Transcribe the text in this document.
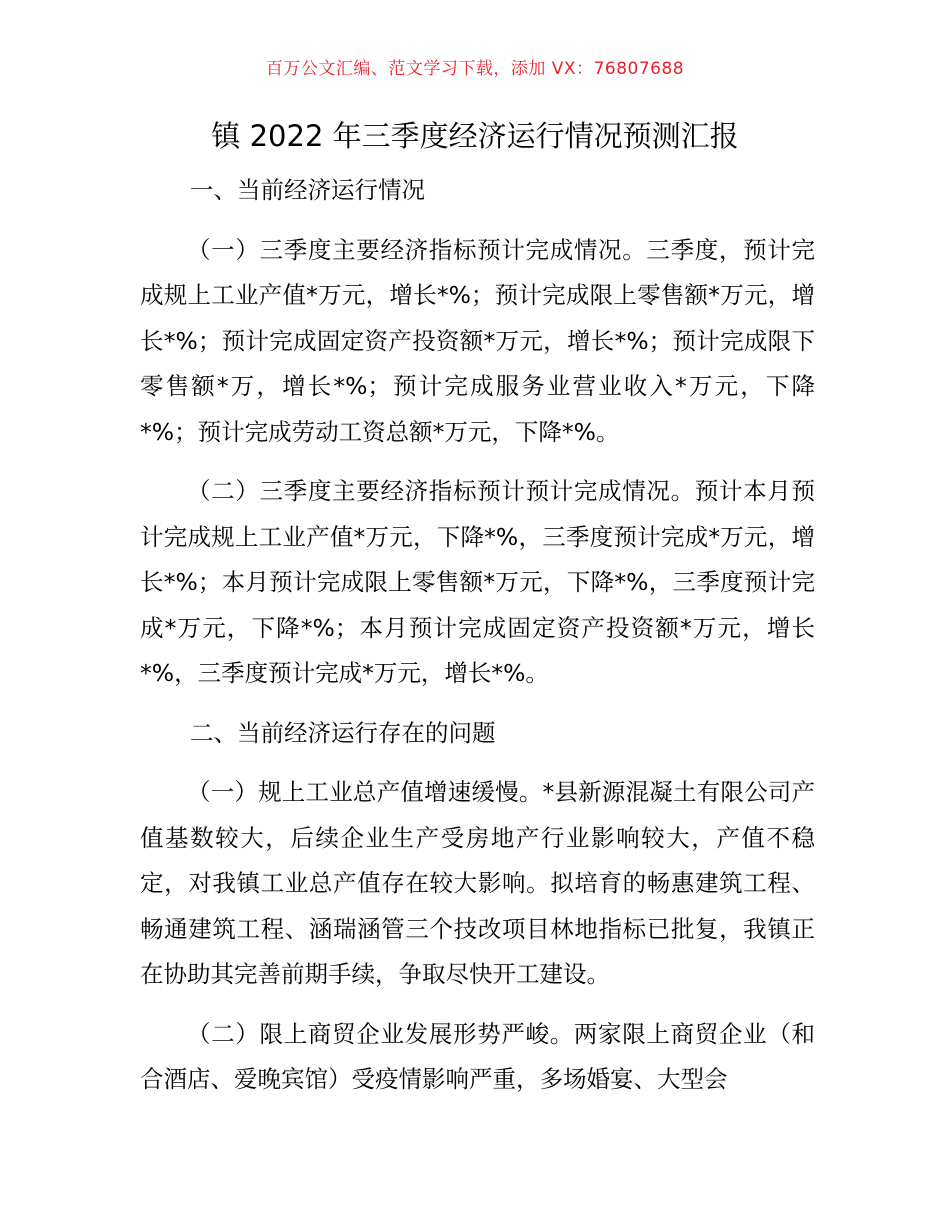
百万公文汇编、范文学习下载，添加 VX：76807688
镇 2022 年三季度经济运行情况预测汇报

一、当前经济运行情况

（一）三季度主要经济指标预计完成情况。三季度，预计完成规上工业产值*万元，增长*%；预计完成限上零售额*万元，增长*%；预计完成固定资产投资额*万元，增长*%；预计完成限下零售额*万，增长*%；预计完成服务业营业收入*万元，下降*%；预计完成劳动工资总额*万元，下降*%。

（二）三季度主要经济指标预计预计完成情况。预计本月预计完成规上工业产值*万元，下降*%，三季度预计完成*万元，增长*%；本月预计完成限上零售额*万元，下降*%，三季度预计完成*万元，下降*%；本月预计完成固定资产投资额*万元，增长*%，三季度预计完成*万元，增长*%。

二、当前经济运行存在的问题

（一）规上工业总产值增速缓慢。*县新源混凝土有限公司产值基数较大，后续企业生产受房地产行业影响较大，产值不稳定，对我镇工业总产值存在较大影响。拟培育的畅惠建筑工程、畅通建筑工程、涵瑞涵管三个技改项目林地指标已批复，我镇正在协助其完善前期手续，争取尽快开工建设。

（二）限上商贸企业发展形势严峻。两家限上商贸企业（和合酒店、爱晚宾馆）受疫情影响严重，多场婚宴、大型会
